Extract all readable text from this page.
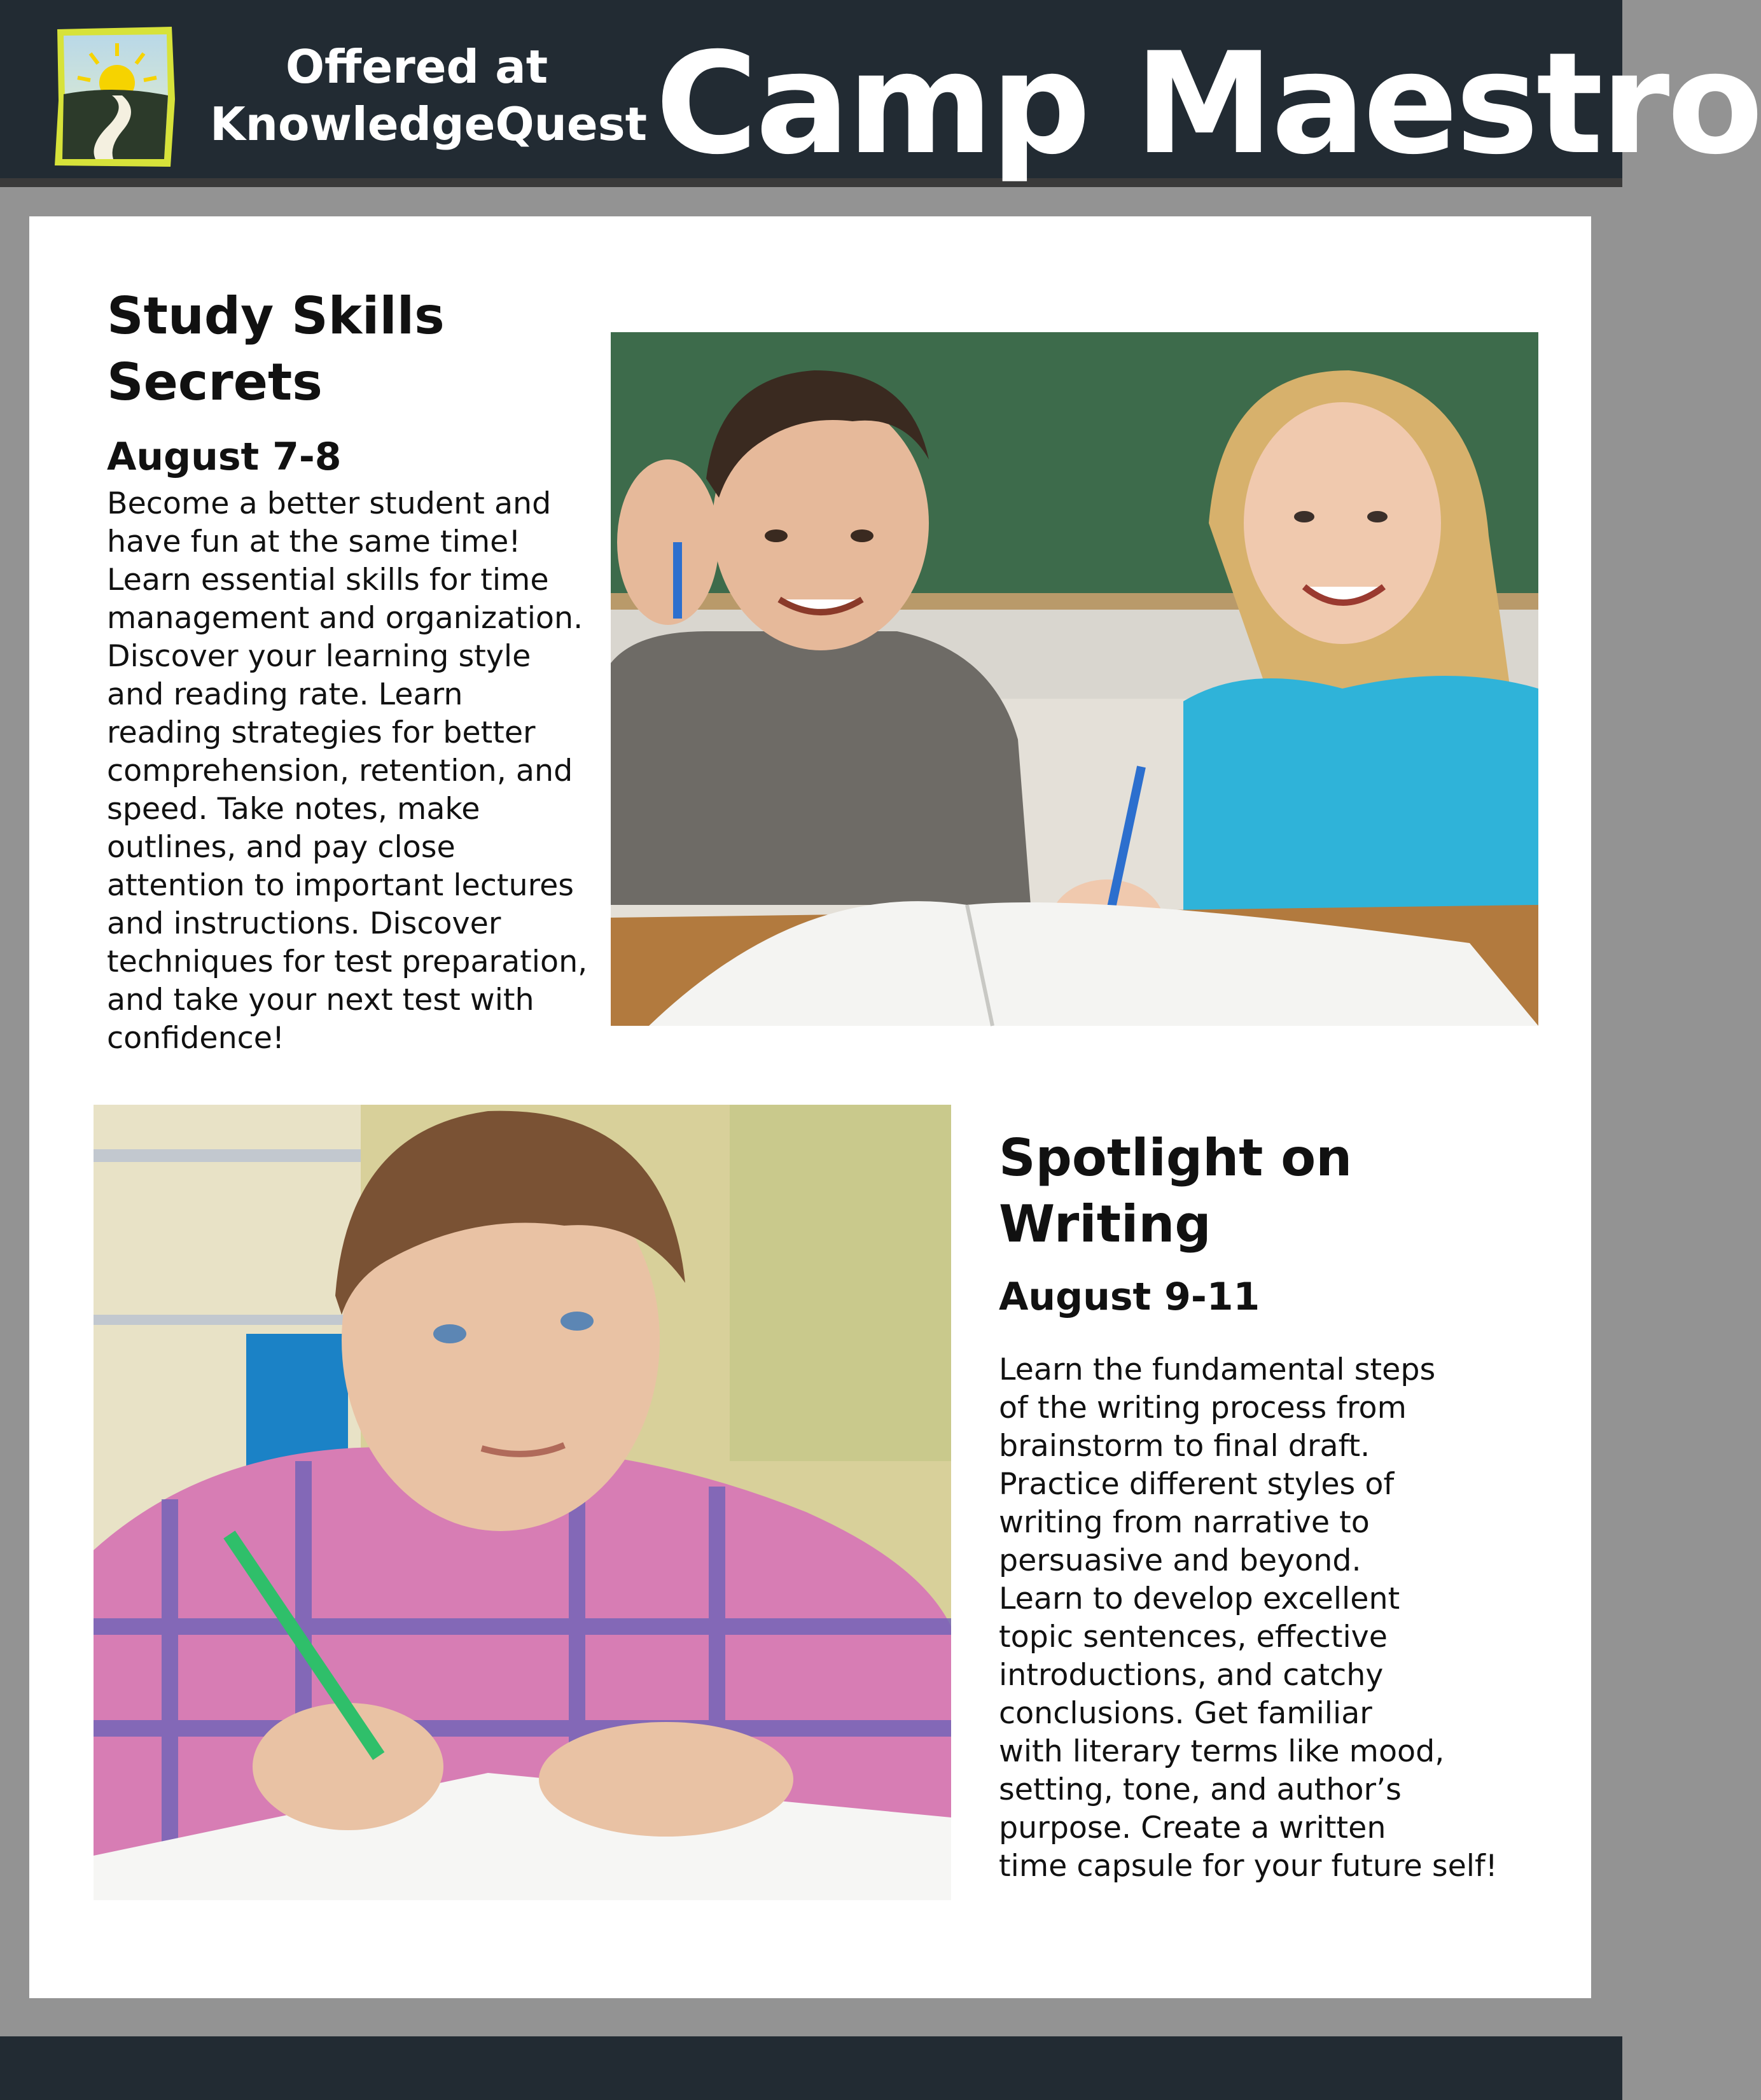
Offered at
KnowledgeQuest Camp Maestro
Study Skills
Secrets
August 7-8
Become a better student and
have fun at the same time!
Learn essential skills for time
management and organization.
Discover your learning style
and reading rate. Learn
reading strategies for better
comprehension, retention, and
speed. Take notes, make
outlines, and pay close
attention to important lectures
and instructions. Discover
techniques for test preparation,
and take your next test with
confidence!
Spotlight on
Writing
August 9-11
Learn the fundamental steps
of the writing process from
brainstorm to final draft.
Practice different styles of
writing from narrative to
persuasive and beyond.
Learn to develop excellent
topic sentences, effective
introductions, and catchy
conclusions. Get familiar
with literary terms like mood,
setting, tone, and author’s
purpose. Create a written
time capsule for your future self!
